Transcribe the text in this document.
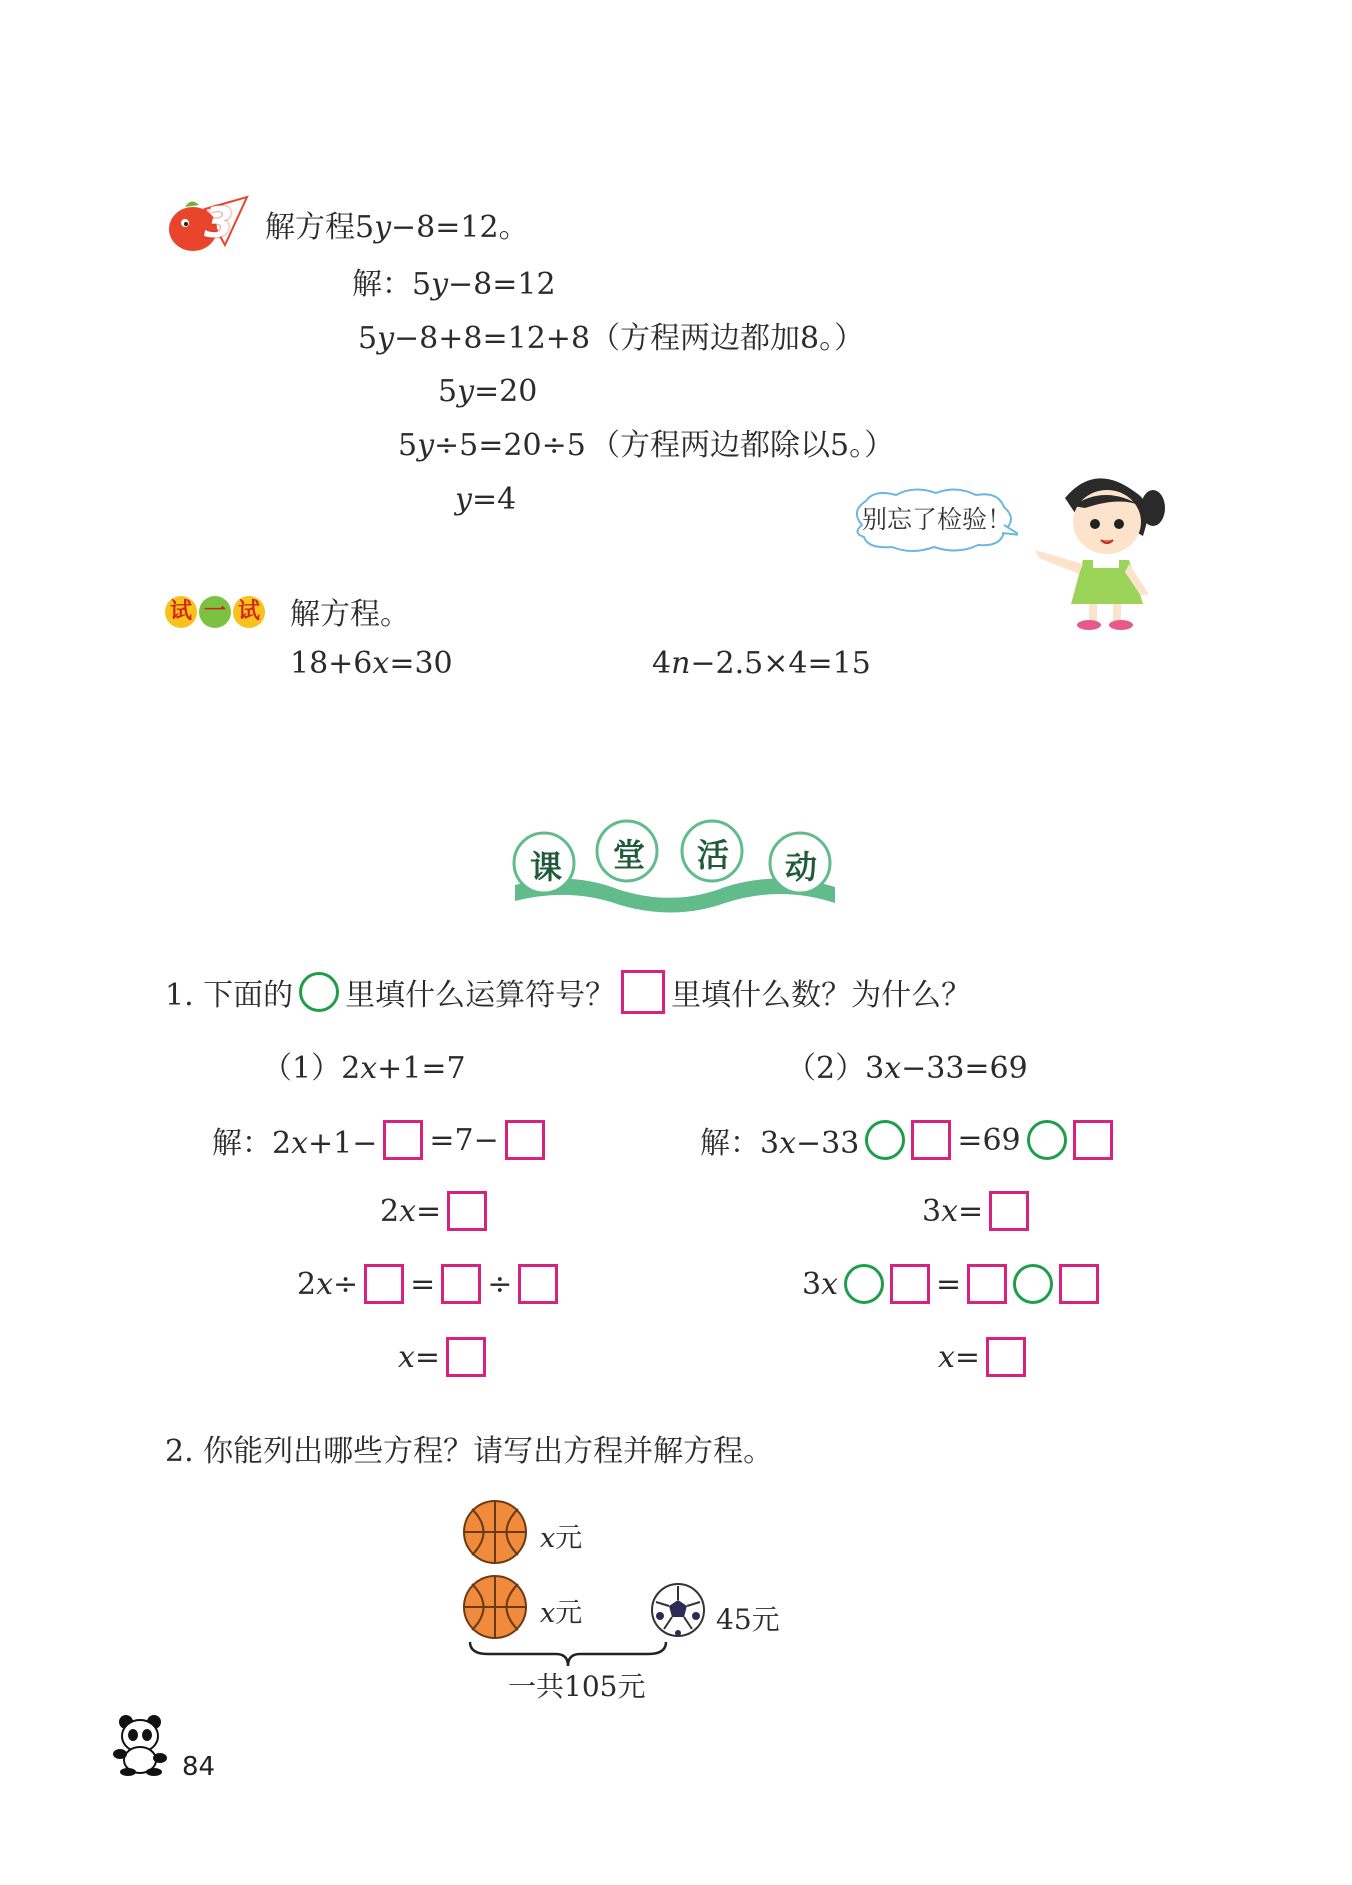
3 解方程5y−8=12。
解：5y−8=12
5y−8+8=12+8 （方程两边都加8。）
5y=20
5y÷5=20÷5 （方程两边都除以5。）
y=4
别忘了检验！
试 一 试 解方程。
18+6x=30	4n−2.5×4=15
课 堂 活 动
1. 下面的 里填什么运算符号？ 里填什么数？为什么？
（1）2x+1=7
解：2x+1− =7−
2x=
2x÷ = ÷
x=
（2）3x−33=69
解：3x−33	=69
3x=
3x	=
x=
2. 你能列出哪些方程？请写出方程并解方程。
x元
x元	45元
一共105元
84
